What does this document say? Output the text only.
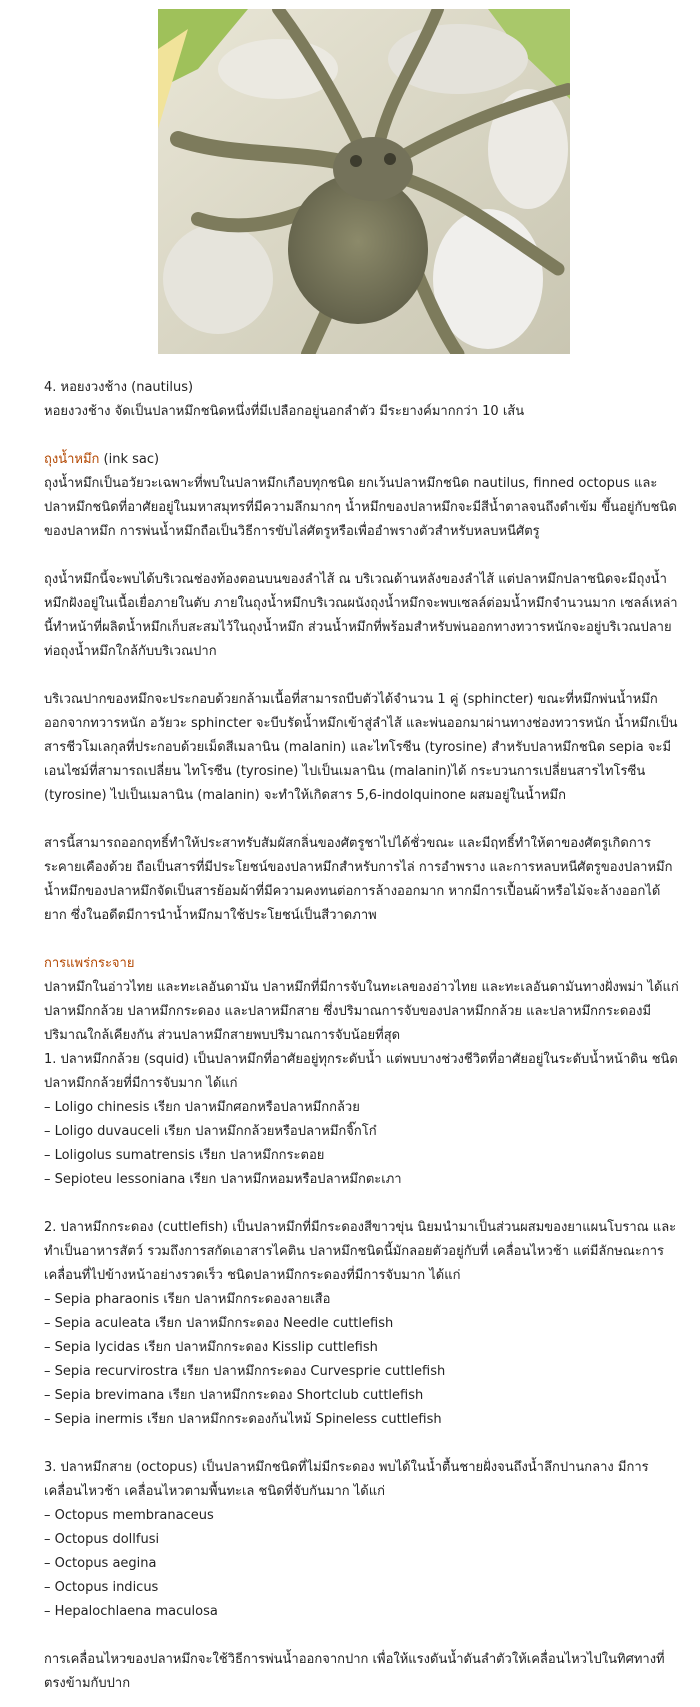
4. หอยงวงช้าง (nautilus)

หอยงวงช้าง จัดเป็นปลาหมึกชนิดหนึ่งที่มีเปลือกอยู่นอกลำตัว มีระยางค์มากกว่า 10 เส้น

ถุงน้ำหมึก (ink sac)

ถุงน้ำหมึกเป็นอวัยวะเฉพาะที่พบในปลาหมึกเกือบทุกชนิด ยกเว้นปลาหมึกชนิด nautilus, finned octopus และปลาหมึกชนิดที่อาศัยอยู่ในมหาสมุทรที่มีความลึกมากๆ น้ำหมึกของปลาหมึกจะมีสีน้ำตาลจนถึงดำเข้ม ขึ้นอยู่กับชนิดของปลาหมึก การพ่นน้ำหมึกถือเป็นวิธีการขับไล่ศัตรูหรือเพื่ออำพรางตัวสำหรับหลบหนีศัตรู

ถุงน้ำหมึกนี้จะพบได้บริเวณช่องท้องตอนบนของลำไส้ ณ บริเวณด้านหลังของลำไส้ แต่ปลาหมึกปลาชนิดจะมีถุงน้ำหมึกฝังอยู่ในเนื้อเยื่อภายในตับ ภายในถุงน้ำหมึกบริเวณผนังถุงน้ำหมึกจะพบเซลล์ต่อมน้ำหมึกจำนวนมาก เซลล์เหล่านี้ทำหน้าที่ผลิตน้ำหมึกเก็บสะสมไว้ในถุงน้ำหมึก ส่วนน้ำหมึกที่พร้อมสำหรับพ่นออกทางทวารหนักจะอยู่บริเวณปลายท่อถุงน้ำหมึกใกล้กับบริเวณปาก

บริเวณปากของหมึกจะประกอบด้วยกล้ามเนื้อที่สามารถบีบตัวได้จำนวน 1 คู่ (sphincter) ขณะที่หมึกพ่นน้ำหมึกออกจากทวารหนัก อวัยวะ sphincter จะบีบรัดน้ำหมึกเข้าสู่ลำไส้ และพ่นออกมาผ่านทางช่องทวารหนัก น้ำหมึกเป็นสารชีวโมเลกุลที่ประกอบด้วยเม็ดสีเมลานิน (malanin) และไทโรซีน (tyrosine) สำหรับปลาหมึกชนิด sepia จะมีเอนไซม์ที่สามารถเปลี่ยน ไทโรซีน (tyrosine) ไปเป็นเมลานิน (malanin)ได้ กระบวนการเปลี่ยนสารไทโรซีน (tyrosine) ไปเป็นเมลานิน (malanin) จะทำให้เกิดสาร 5,6-indolquinone ผสมอยู่ในน้ำหมึก

สารนี้สามารถออกฤทธิ์ทำให้ประสาทรับสัมผัสกลิ่นของศัตรูชาไปได้ชั่วขณะ และมีฤทธิ์ทำให้ตาของศัตรูเกิดการระคายเคืองด้วย ถือเป็นสารที่มีประโยชน์ของปลาหมึกสำหรับการไล่ การอำพราง และการหลบหนีศัตรูของปลาหมึก น้ำหมึกของปลาหมึกจัดเป็นสารย้อมผ้าที่มีความคงทนต่อการล้างออกมาก หากมีการเปื้อนผ้าหรือไม้จะล้างออกได้ยาก ซึ่งในอดีตมีการนำน้ำหมึกมาใช้ประโยชน์เป็นสีวาดภาพ

การแพร่กระจาย

ปลาหมึกในอ่าวไทย และทะเลอันดามัน ปลาหมึกที่มีการจับในทะเลของอ่าวไทย และทะเลอันดามันทางฝั่งพม่า ได้แก่ ปลาหมึกกล้วย ปลาหมึกกระดอง และปลาหมึกสาย ซึ่งปริมาณการจับของปลาหมึกกล้วย และปลาหมึกกระดองมีปริมาณใกล้เคียงกัน ส่วนปลาหมึกสายพบปริมาณการจับน้อยที่สุด

1. ปลาหมึกกล้วย (squid) เป็นปลาหมึกที่อาศัยอยู่ทุกระดับน้ำ แต่พบบางช่วงชีวิตที่อาศัยอยู่ในระดับน้ำหน้าดิน ชนิดปลาหมึกกล้วยที่มีการจับมาก ได้แก่

– Loligo chinesis เรียก ปลาหมึกศอกหรือปลาหมึกกล้วย
– Loligo duvauceli เรียก ปลาหมึกกล้วยหรือปลาหมึกจิ๊กโก๋
– Loligolus sumatrensis เรียก ปลาหมึกกระตอย
– Sepioteu lessoniana เรียก ปลาหมึกหอมหรือปลาหมึกตะเภา

2. ปลาหมึกกระดอง (cuttlefish) เป็นปลาหมึกที่มีกระดองสีขาวขุ่น นิยมนำมาเป็นส่วนผสมของยาแผนโบราณ และทำเป็นอาหารสัตว์ รวมถึงการสกัดเอาสารไคติน ปลาหมึกชนิดนี้มักลอยตัวอยู่กับที่ เคลื่อนไหวช้า แต่มีลักษณะการเคลื่อนที่ไปข้างหน้าอย่างรวดเร็ว ชนิดปลาหมึกกระดองที่มีการจับมาก ได้แก่

– Sepia pharaonis เรียก ปลาหมึกกระดองลายเสือ
– Sepia aculeata เรียก ปลาหมึกกระดอง Needle cuttlefish
– Sepia lycidas เรียก ปลาหมึกกระดอง Kisslip cuttlefish
– Sepia recurvirostra เรียก ปลาหมึกกระดอง Curvesprie cuttlefish
– Sepia brevimana เรียก ปลาหมึกกระดอง Shortclub cuttlefish
– Sepia inermis เรียก ปลาหมึกกระดองก้นไหม้ Spineless cuttlefish

3. ปลาหมึกสาย (octopus) เป็นปลาหมึกชนิดที่ไม่มีกระดอง พบได้ในน้ำตื้นชายฝั่งจนถึงน้ำลึกปานกลาง มีการเคลื่อนไหวช้า เคลื่อนไหวตามพื้นทะเล ชนิดที่จับกันมาก ได้แก่

– Octopus membranaceus
– Octopus dollfusi
– Octopus aegina
– Octopus indicus
– Hepalochlaena maculosa

การเคลื่อนไหวของปลาหมึกจะใช้วิธีการพ่นน้ำออกจากปาก เพื่อให้แรงดันน้ำดันลำตัวให้เคลื่อนไหวไปในทิศทางที่ตรงข้ามกับปาก
